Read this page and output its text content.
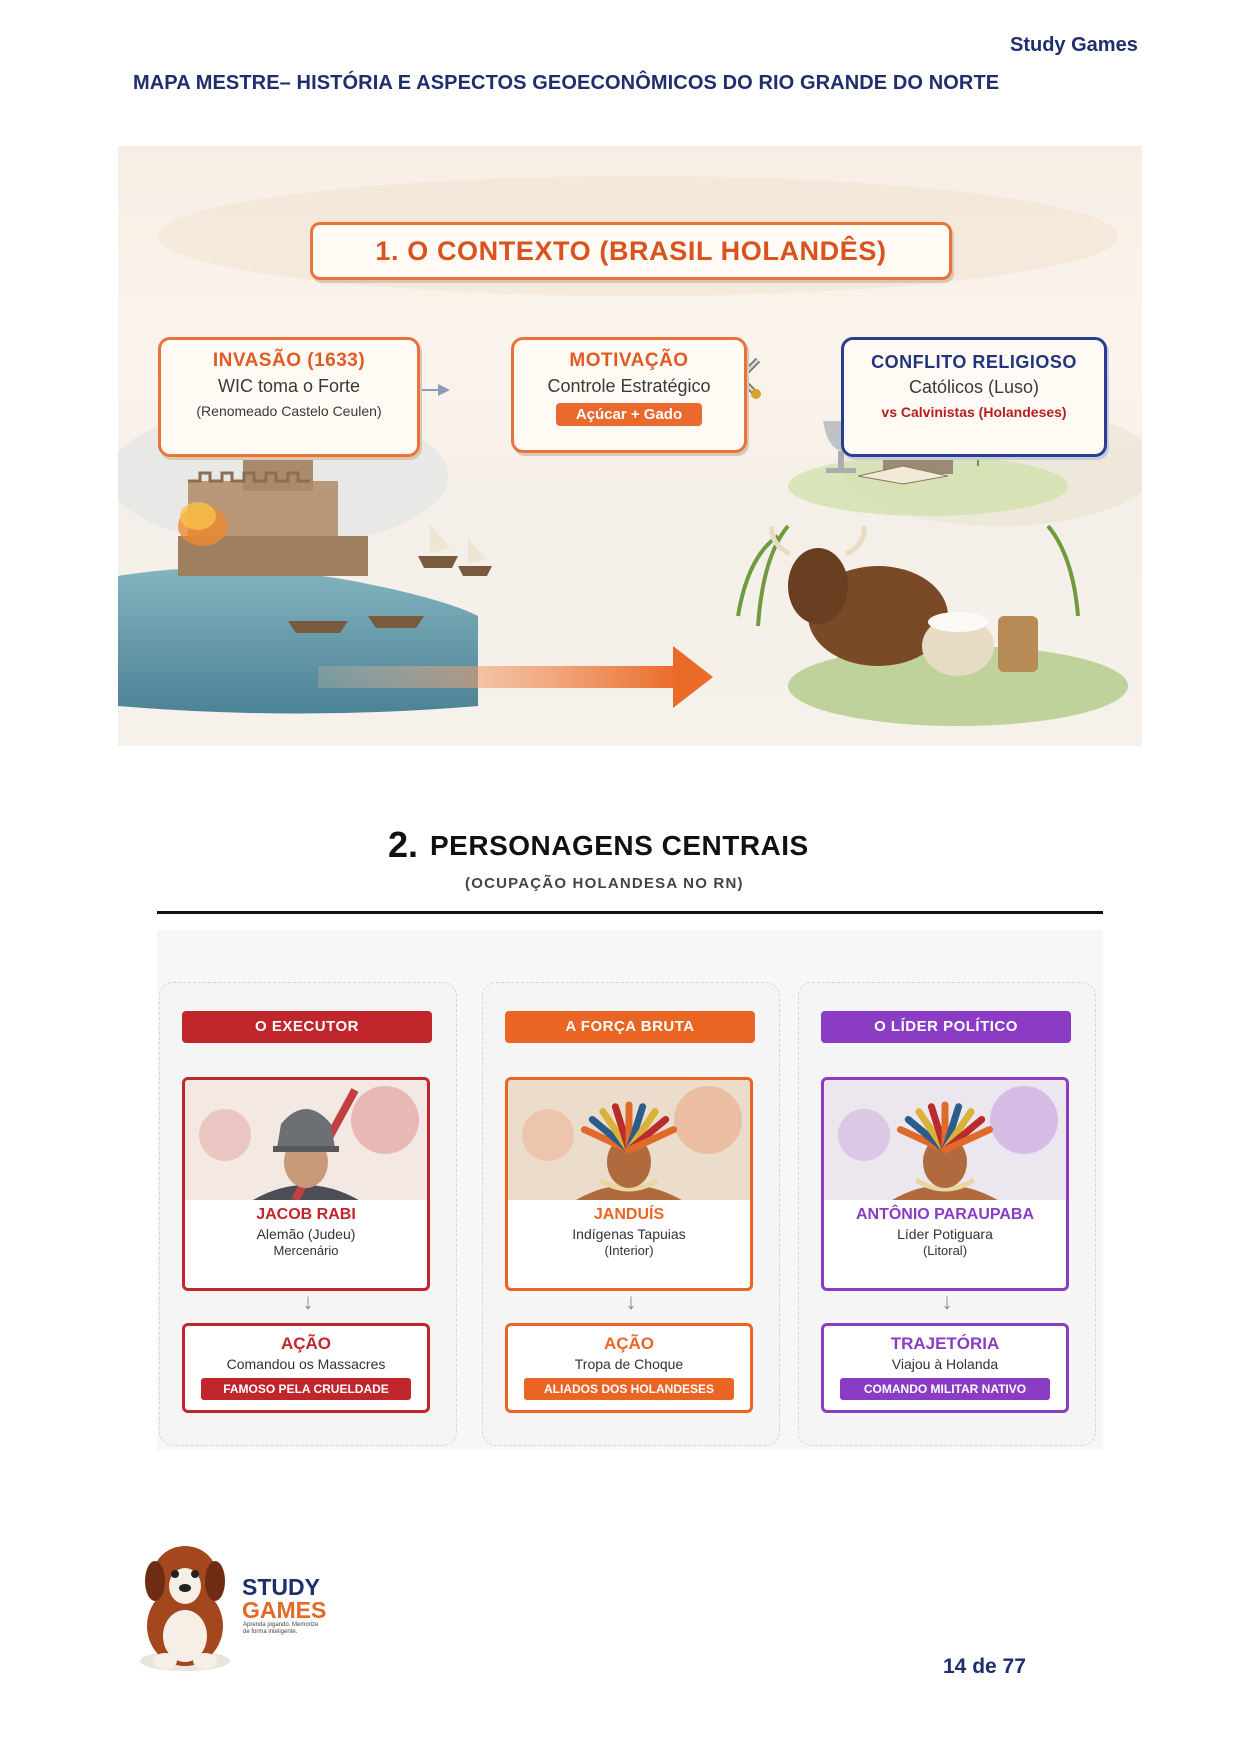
Study Games
MAPA MESTRE– HISTÓRIA E ASPECTOS GEOECONÔMICOS DO RIO GRANDE DO NORTE
1. O CONTEXTO (BRASIL HOLANDÊS)
INVASÃO (1633)
WIC toma o Forte
(Renomeado Castelo Ceulen)
MOTIVAÇÃO
Controle Estratégico
Açúcar + Gado
CONFLITO RELIGIOSO
Católicos (Luso)
vs Calvinistas (Holandeses)
2. PERSONAGENS CENTRAIS
(OCUPAÇÃO HOLANDESA NO RN)
O EXECUTOR
JACOB RABI
Alemão (Judeu)
Mercenário
↓
AÇÃO
Comandou os Massacres
FAMOSO PELA CRUELDADE
A FORÇA BRUTA
JANDUÍS
Indígenas Tapuias
(Interior)
↓
AÇÃO
Tropa de Choque
ALIADOS DOS HOLANDESES
O LÍDER POLÍTICO
ANTÔNIO PARAUPABA
Líder Potiguara
(Litoral)
↓
TRAJETÓRIA
Viajou à Holanda
COMANDO MILITAR NATIVO
STUDY
GAMES
Aprenda jogando. Memorize de forma inteligente.
14 de 77
